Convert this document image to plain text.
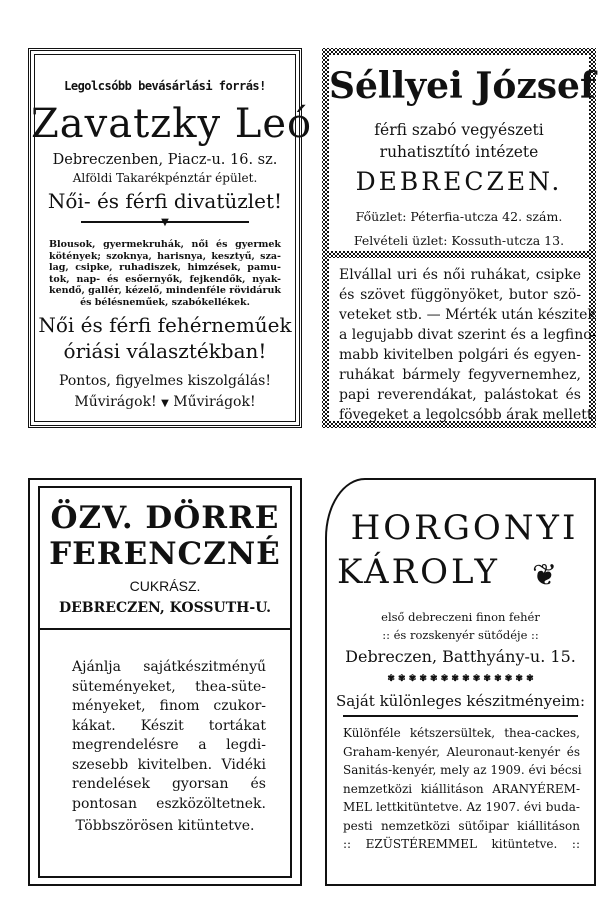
Legolcsóbb bevásárlási forrás!
Zavatzky Leó
Debreczenben, Piacz-u. 16. sz.
Alföldi Takarékpénztár épület.
Női- és férfi divatüzlet!
▼
Blousok, gyermekruhák, női és gyermek
kötények; szoknya, harisnya, kesztyű, sza-
lag, csipke, ruhadiszek, himzések, pamu-
tok, nap- és esőernyők, fejkendők, nyak-
kendő, gallér, kézelő, mindenféle rövidáruk
és bélésneműek, szabókellékek.
Női és férfi fehérneműek
óriási választékban!
Pontos, figyelmes kiszolgálás!
Művirágok! ▼ Művirágok!
Séllyei József
férfi szabó vegyészeti
ruhatisztító intézete
DEBRECZEN.
Főüzlet: Péterfia-utcza 42. szám.
Felvételi üzlet: Kossuth-utcza 13.
Elvállal uri és női ruhákat, csipke
és szövet függönyöket, butor szö-
veteket stb. — Mérték után készitek
a legujabb divat szerint és a legfino-
mabb kivitelben polgári és egyen-
ruhákat bármely fegyvernemhez,
papi reverendákat, palástokat és
fövegeket a legolcsóbb árak mellett.
ÖZV. DÖRRE
FERENCZNÉ
CUKRÁSZ.
DEBRECZEN, KOSSUTH-U.
Ajánlja sajátkészitményű
süteményeket, thea-süte-
ményeket, finom czukor-
kákat. Készit tortákat
megrendelésre a legdi-
szesebb kivitelben. Vidéki
rendelések gyorsan és
pontosan eszközöltetnek.
Többszörösen kitüntetve.
HORGONYI
KÁROLY ❦
első debreczeni finon fehér
:: és rozskenyér sütődéje ::
Debreczen, Batthyány-u. 15.
✾ ✾ ✾ ✾ ✾ ✾ ✾ ✾ ✾ ✾ ✾ ✾ ✾ ✾
Saját különleges készitményeim:
Különféle kétszersültek, thea-cackes,
Graham-kenyér, Aleuronaut-kenyér és
Sanitás-kenyér, mely az 1909. évi bécsi
nemzetközi kiállitáson ARANYÉREM-
MEL lettkitüntetve. Az 1907. évi buda-
pesti nemzetközi sütőipar kiállitáson
:: EZÜSTÉREMMEL kitüntetve. ::
